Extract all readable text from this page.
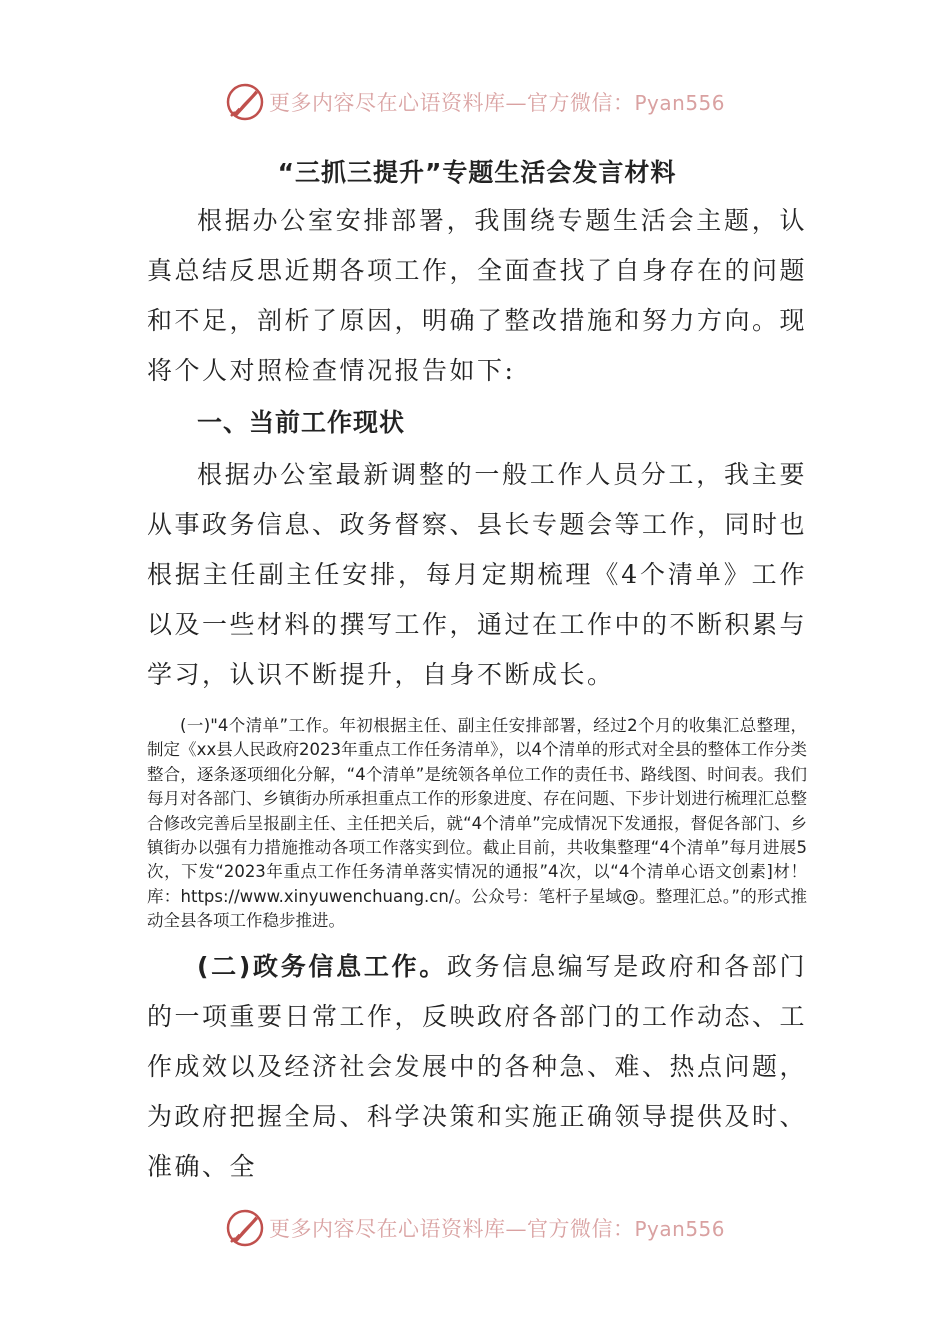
更多内容尽在心语资料库—官方微信：Pyan556
“三抓三提升”专题生活会发言材料

根据办公室安排部署，我围绕专题生活会主题，认真总结反思近期各项工作，全面查找了自身存在的问题和不足，剖析了原因，明确了整改措施和努力方向。现将个人对照检查情况报告如下:

一、当前工作现状

根据办公室最新调整的一般工作人员分工，我主要从事政务信息、政务督察、县长专题会等工作，同时也根据主任副主任安排，每月定期梳理《4个清单》工作以及一些材料的撰写工作，通过在工作中的不断积累与学习，认识不断提升，自身不断成长。

(一)"4个清单”工作。年初根据主任、副主任安排部署，经过2个月的收集汇总整理，制定《xx县人民政府2023年重点工作任务清单》，以4个清单的形式对全县的整体工作分类整合，逐条逐项细化分解，“4个清单”是统领各单位工作的责任书、路线图、时间表。我们每月对各部门、乡镇街办所承担重点工作的形象进度、存在问题、下步计划进行梳理汇总整合修改完善后呈报副主任、主任把关后，就“4个清单”完成情况下发通报，督促各部门、乡镇街办以强有力措施推动各项工作落实到位。截止目前，共收集整理“4个清单”每月进展5次，下发“2023年重点工作任务清单落实情况的通报”4次，以“4个清单心语文创素]材！库：https://www.xinyuwenchuang.cn/。公众号：笔杆子星域@。整理汇总。”的形式推动全县各项工作稳步推进。

(二)政务信息工作。政务信息编写是政府和各部门的一项重要日常工作，反映政府各部门的工作动态、工作成效以及经济社会发展中的各种急、难、热点问题，为政府把握全局、科学决策和实施正确领导提供及时、准确、全

更多内容尽在心语资料库—官方微信：Pyan556
